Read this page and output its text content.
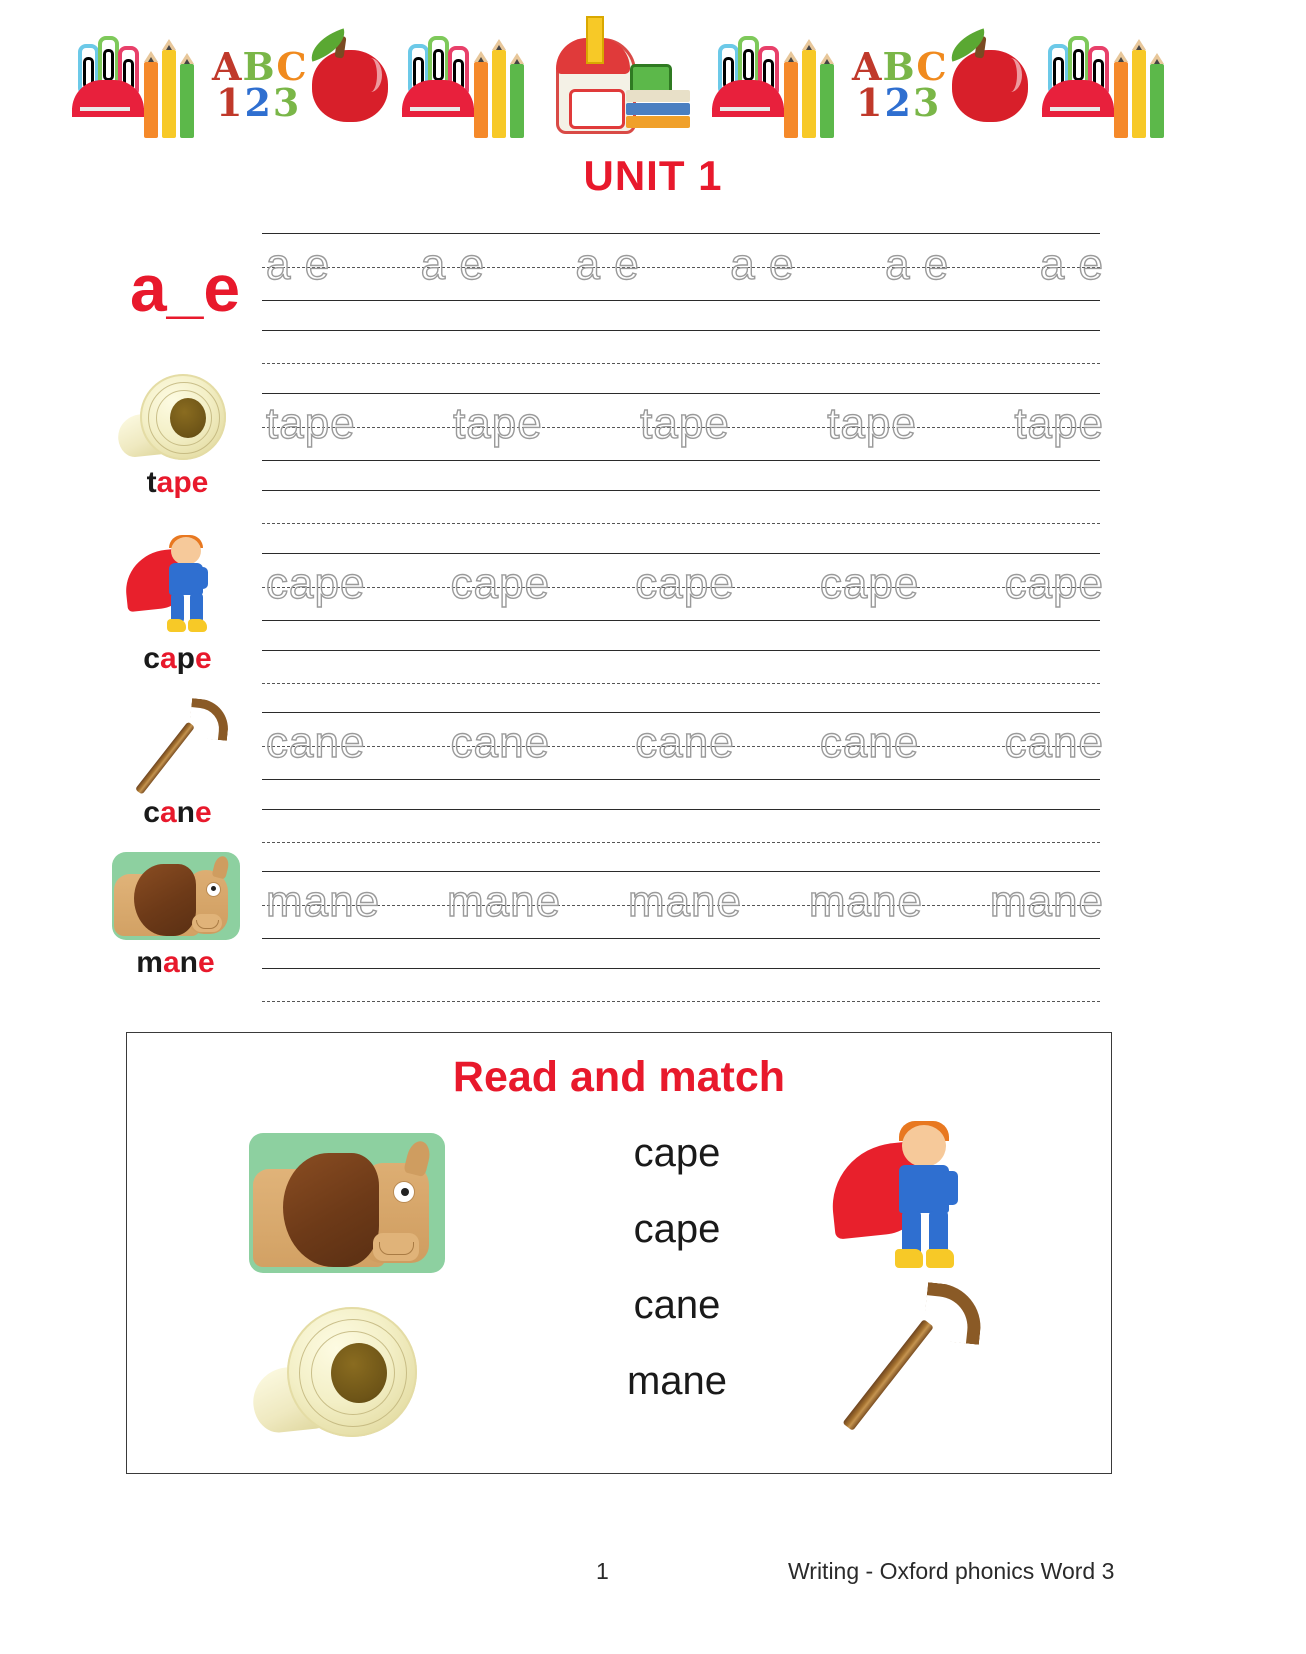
ABC
123
ABC
123
UNIT 1
a_e a e a e a e a e a e a e
tape
tape tape tape tape tape
cape
cape cape cape cape cape
cane
cane cane cane cane cane
mane
mane mane mane mane mane
Read and match
cape
cape
cane
mane
1	Writing - Oxford phonics Word 3
